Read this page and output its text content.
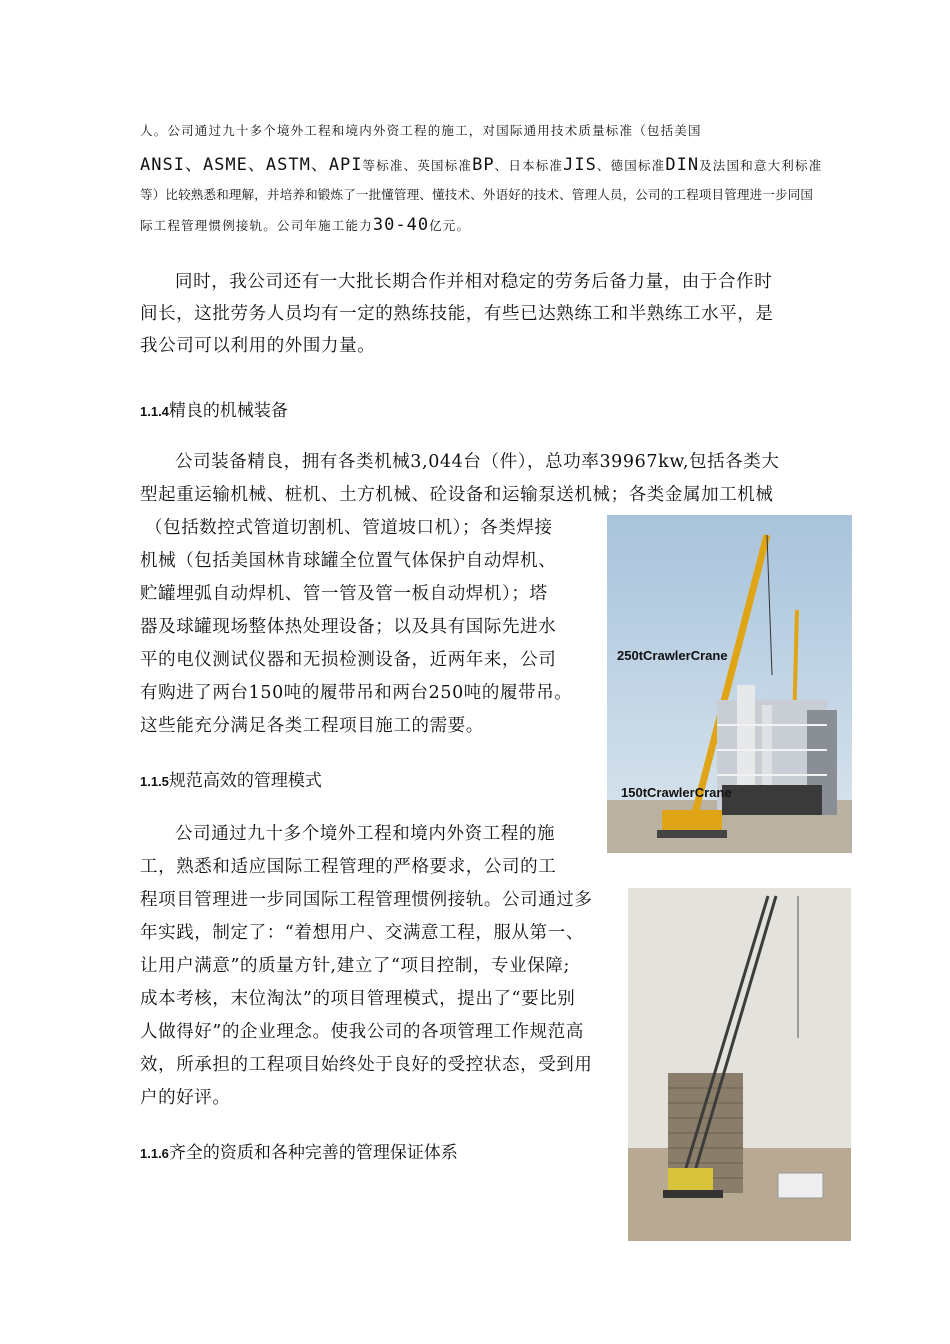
人。公司通过九十多个境外工程和境内外资工程的施工，对国际通用技术质量标准（包括美国
ANSI、ASME、ASTM、API等标准、英国标准BP、日本标准JIS、德国标准DIN及法国和意大利标准
等）比较熟悉和理解，并培养和锻炼了一批懂管理、懂技术、外语好的技术、管理人员，公司的工程项目管理进一步同国
际工程管理惯例接轨。公司年施工能力30-40亿元。
同时，我公司还有一大批长期合作并相对稳定的劳务后备力量，由于合作时
间长，这批劳务人员均有一定的熟练技能，有些已达熟练工和半熟练工水平，是
我公司可以利用的外围力量。
1.1.4精良的机械装备
公司装备精良，拥有各类机械3,044台（件），总功率39967kw,包括各类大
型起重运输机械、桩机、土方机械、砼设备和运输泵送机械；各类金属加工机械
（包括数控式管道切割机、管道坡口机）；各类焊接
机械（包括美国林肯球罐全位置气体保护自动焊机、
贮罐埋弧自动焊机、管一管及管一板自动焊机）；塔
器及球罐现场整体热处理设备；以及具有国际先进水
平的电仪测试仪器和无损检测设备，近两年来，公司
有购进了两台150吨的履带吊和两台250吨的履带吊。
这些能充分满足各类工程项目施工的需要。
1.1.5规范高效的管理模式
公司通过九十多个境外工程和境内外资工程的施
工，熟悉和适应国际工程管理的严格要求，公司的工
程项目管理进一步同国际工程管理惯例接轨。公司通过多
年实践，制定了：“着想用户、交满意工程，服从第一、
让用户满意”的质量方针,建立了“项目控制，专业保障;
成本考核，末位淘汰”的项目管理模式，提出了“要比别
人做得好”的企业理念。使我公司的各项管理工作规范高
效，所承担的工程项目始终处于良好的受控状态，受到用
户的好评。
1.1.6齐全的资质和各种完善的管理保证体系
250tCrawlerCrane
150tCrawlerCrane
